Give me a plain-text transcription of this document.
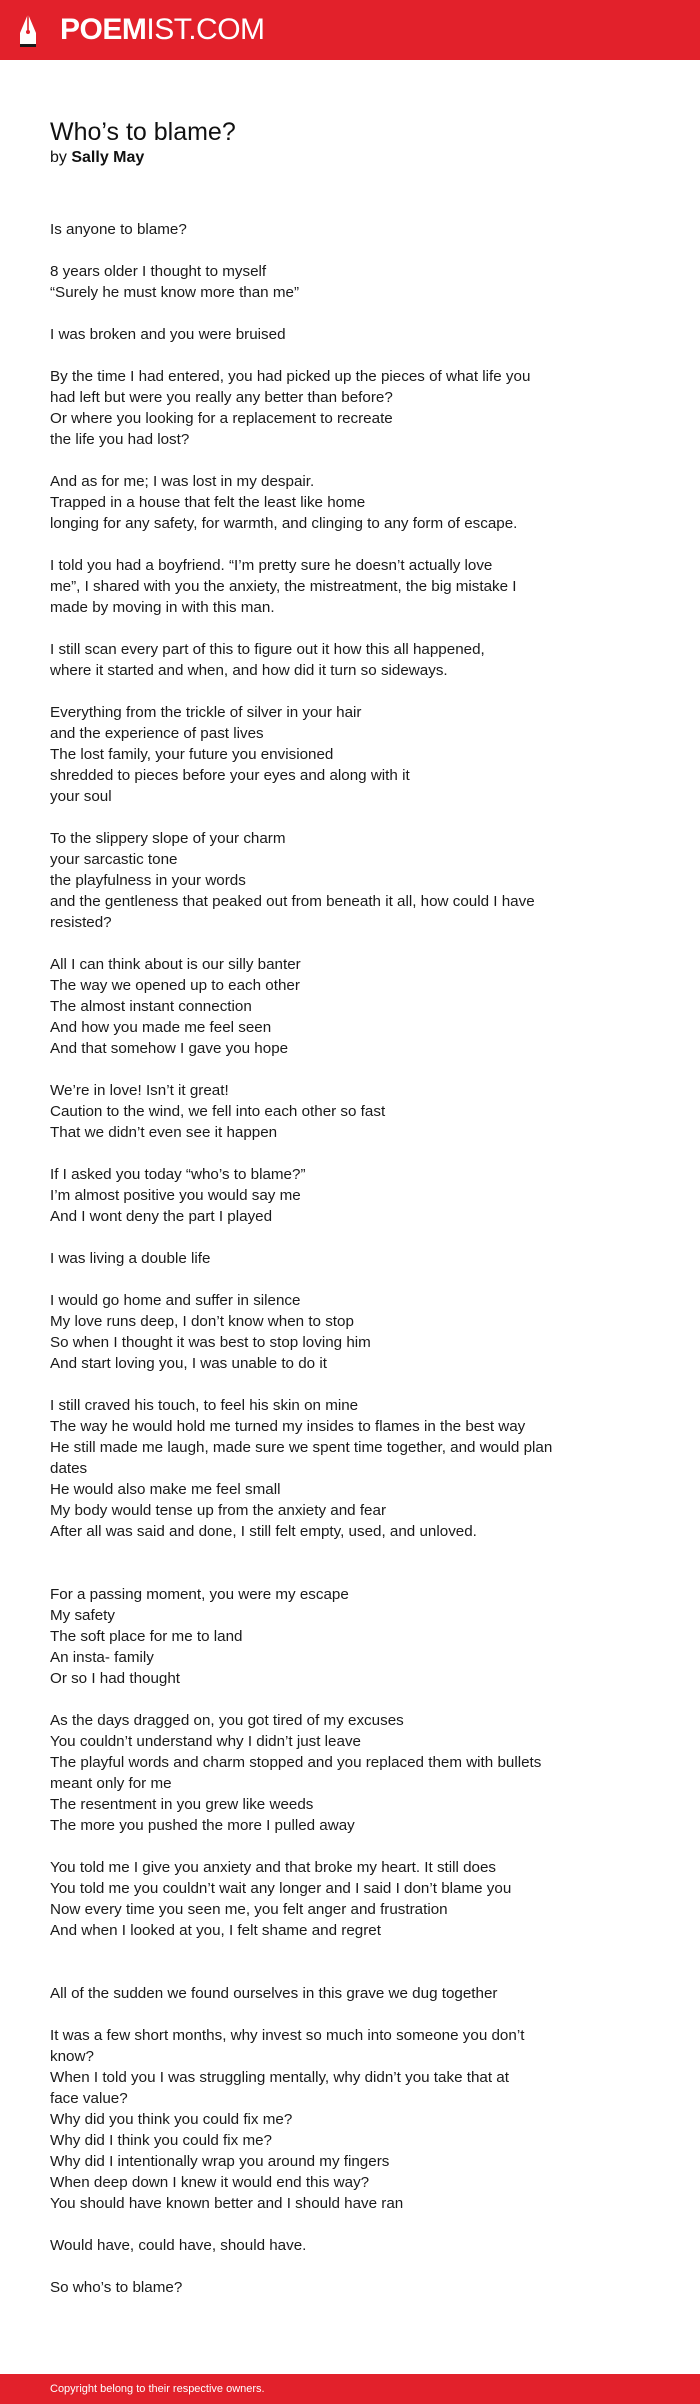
POEMIST.COM
Who’s to blame?
by Sally May
Is anyone to blame?
8 years older I thought to myself
“Surely he must know more than me”
I was broken and you were bruised
By the time I had entered, you had picked up the pieces of what life you
had left but were you really any better than before?
Or where you looking for a replacement to recreate
the life you had lost?
And as for me; I was lost in my despair.
Trapped in a house that felt the least like home
longing for any safety, for warmth, and clinging to any form of escape.
I told you had a boyfriend. “I’m pretty sure he doesn’t actually love
me”, I shared with you the anxiety, the mistreatment, the big mistake I
made by moving in with this man.
I still scan every part of this to figure out it how this all happened,
where it started and when, and how did it turn so sideways.
Everything from the trickle of silver in your hair
and the experience of past lives
The lost family, your future you envisioned
shredded to pieces before your eyes and along with it
your soul
To the slippery slope of your charm
your sarcastic tone
the playfulness in your words
and the gentleness that peaked out from beneath it all, how could I have
resisted?
All I can think about is our silly banter
The way we opened up to each other
The almost instant connection
And how you made me feel seen
And that somehow I gave you hope
We’re in love! Isn’t it great!
Caution to the wind, we fell into each other so fast
That we didn’t even see it happen
If I asked you today “who’s to blame?”
I’m almost positive you would say me
And I wont deny the part I played
I was living a double life
I would go home and suffer in silence
My love runs deep, I don’t know when to stop
So when I thought it was best to stop loving him
And start loving you, I was unable to do it
I still craved his touch, to feel his skin on mine
The way he would hold me turned my insides to flames in the best way
He still made me laugh, made sure we spent time together, and would plan
dates
He would also make me feel small
My body would tense up from the anxiety and fear
After all was said and done, I still felt empty, used, and unloved.
For a passing moment, you were my escape
My safety
The soft place for me to land
An insta- family
Or so I had thought
As the days dragged on, you got tired of my excuses
You couldn’t understand why I didn’t just leave
The playful words and charm stopped and you replaced them with bullets
meant only for me
The resentment in you grew like weeds
The more you pushed the more I pulled away
You told me I give you anxiety and that broke my heart. It still does
You told me you couldn’t wait any longer and I said I don’t blame you
Now every time you seen me, you felt anger and frustration
And when I looked at you, I felt shame and regret
All of the sudden we found ourselves in this grave we dug together
It was a few short months, why invest so much into someone you don’t
know?
When I told you I was struggling mentally, why didn’t you take that at
face value?
Why did you think you could fix me?
Why did I think you could fix me?
Why did I intentionally wrap you around my fingers
When deep down I knew it would end this way?
You should have known better and I should have ran
Would have, could have, should have.
So who’s to blame?
Copyright belong to their respective owners.
